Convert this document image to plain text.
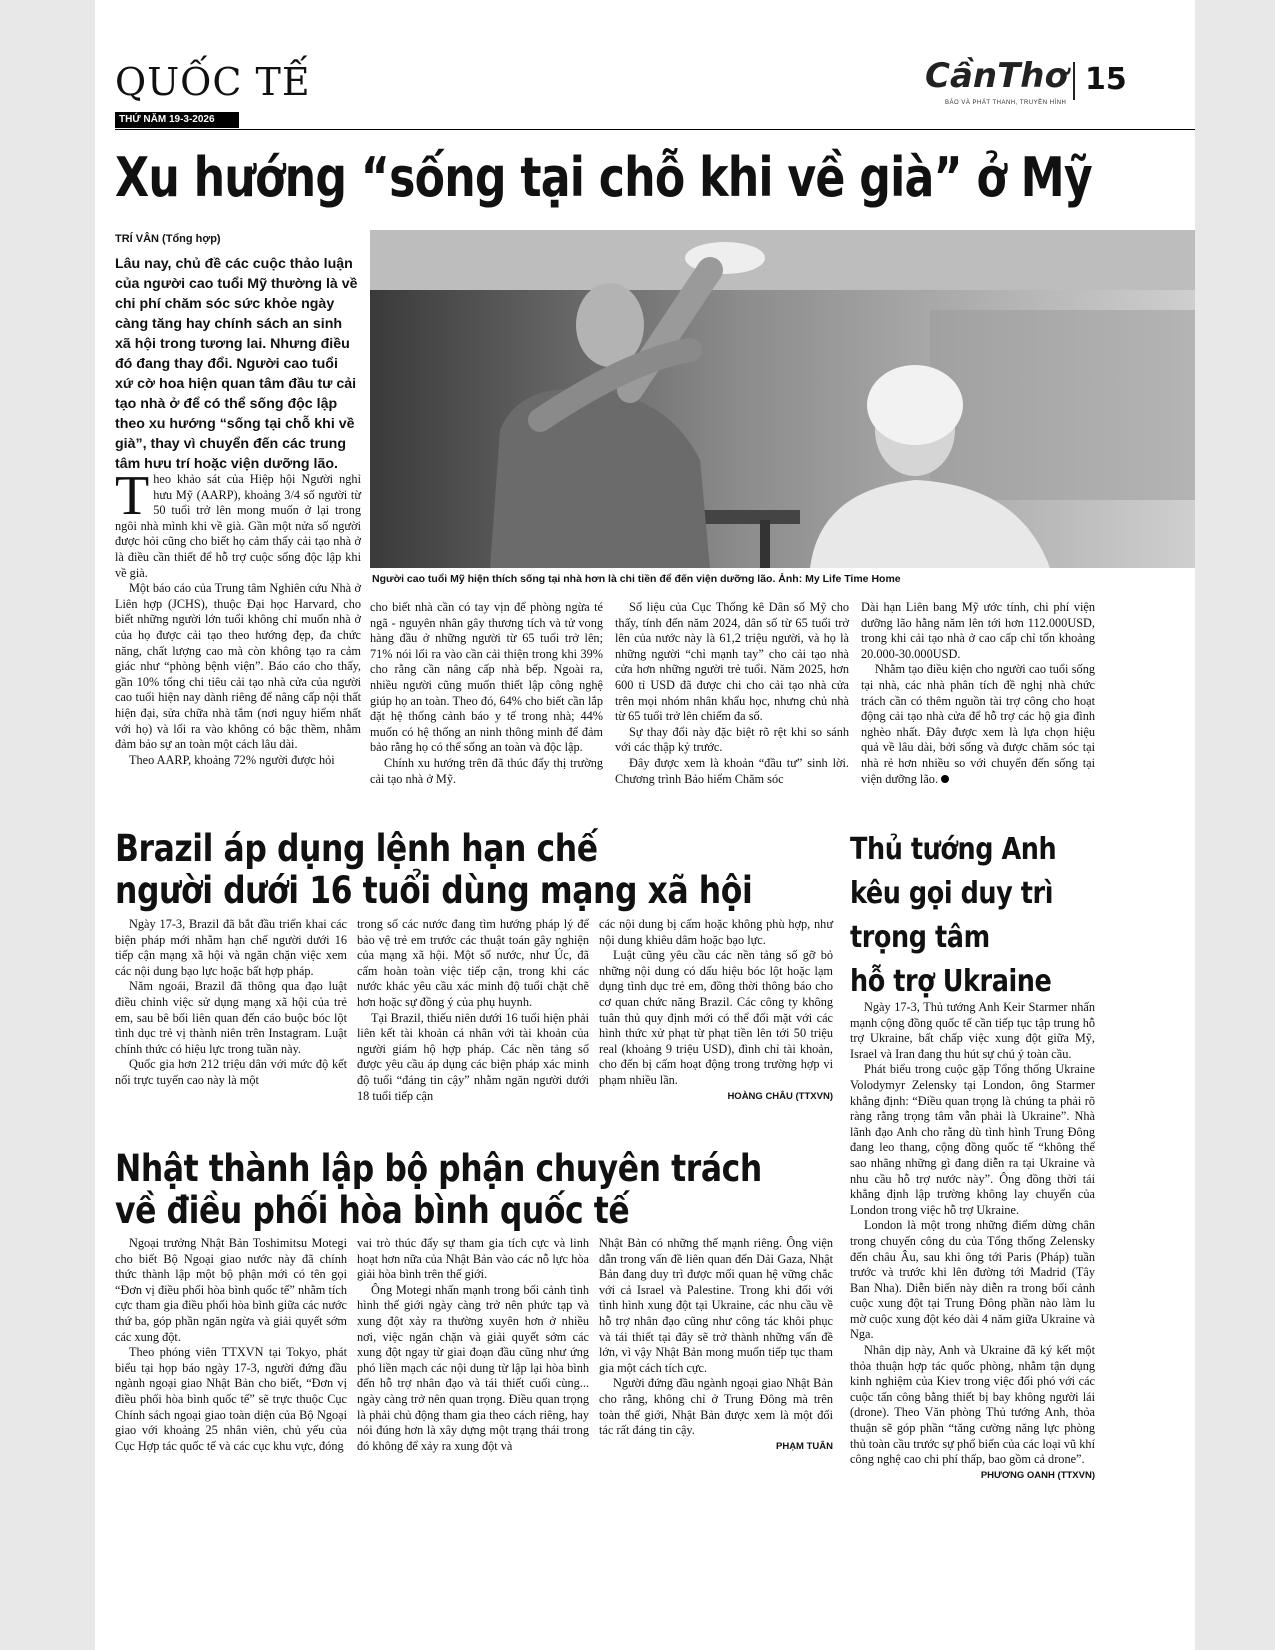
QUỐC TẾ
THỨ NĂM 19-3-2026
CầnThơ
BÁO VÀ PHÁT THANH, TRUYỀN HÌNH
15
Xu hướng “sống tại chỗ khi về già” ở Mỹ
TRÍ VÂN (Tổng hợp)
Lâu nay, chủ đề các cuộc thảo luận của người cao tuổi Mỹ thường là về chi phí chăm sóc sức khỏe ngày càng tăng hay chính sách an sinh xã hội trong tương lai. Nhưng điều đó đang thay đổi. Người cao tuổi xứ cờ hoa hiện quan tâm đầu tư cải tạo nhà ở để có thể sống độc lập theo xu hướng “sống tại chỗ khi về già”, thay vì chuyển đến các trung tâm hưu trí hoặc viện dưỡng lão.
Người cao tuổi Mỹ hiện thích sống tại nhà hơn là chi tiền để đến viện dưỡng lão. Ảnh: My Life Time Home

Theo khảo sát của Hiệp hội Người nghỉ hưu Mỹ (AARP), khoảng 3/4 số người từ 50 tuổi trở lên mong muốn ở lại trong ngôi nhà mình khi về già. Gần một nửa số người được hỏi cũng cho biết họ cảm thấy cải tạo nhà ở là điều cần thiết để hỗ trợ cuộc sống độc lập khi về già.

Một báo cáo của Trung tâm Nghiên cứu Nhà ở Liên hợp (JCHS), thuộc Đại học Harvard, cho biết những người lớn tuổi không chỉ muốn nhà ở của họ được cải tạo theo hướng đẹp, đa chức năng, chất lượng cao mà còn không tạo ra cảm giác như “phòng bệnh viện”. Báo cáo cho thấy, gần 10% tổng chi tiêu cải tạo nhà cửa của người cao tuổi hiện nay dành riêng để nâng cấp nội thất hiện đại, sửa chữa nhà tắm (nơi nguy hiểm nhất với họ) và lối ra vào không có bậc thềm, nhằm đảm bảo sự an toàn một cách lâu dài.

Theo AARP, khoảng 72% người được hỏi

cho biết nhà cần có tay vịn để phòng ngừa té ngã - nguyên nhân gây thương tích và tử vong hàng đầu ở những người từ 65 tuổi trở lên; 71% nói lối ra vào cần cải thiện trong khi 39% cho rằng cần nâng cấp nhà bếp. Ngoài ra, nhiều người cũng muốn thiết lập công nghệ giúp họ an toàn. Theo đó, 64% cho biết cần lắp đặt hệ thống cảnh báo y tế trong nhà; 44% muốn có hệ thống an ninh thông minh để đảm bảo rằng họ có thể sống an toàn và độc lập.

Chính xu hướng trên đã thúc đẩy thị trường cải tạo nhà ở Mỹ.

Số liệu của Cục Thống kê Dân số Mỹ cho thấy, tính đến năm 2024, dân số từ 65 tuổi trở lên của nước này là 61,2 triệu người, và họ là những người “chỉ mạnh tay” cho cải tạo nhà cửa hơn những người trẻ tuổi. Năm 2025, hơn 600 tỉ USD đã được chi cho cải tạo nhà cửa trên mọi nhóm nhân khẩu học, nhưng chủ nhà từ 65 tuổi trở lên chiếm đa số.

Sự thay đổi này đặc biệt rõ rệt khi so sánh với các thập kỷ trước.

Đây được xem là khoản “đầu tư” sinh lời. Chương trình Bảo hiểm Chăm sóc

Dài hạn Liên bang Mỹ ước tính, chi phí viện dưỡng lão hằng năm lên tới hơn 112.000USD, trong khi cải tạo nhà ở cao cấp chỉ tốn khoảng 20.000-30.000USD.

Nhằm tạo điều kiện cho người cao tuổi sống tại nhà, các nhà phân tích đề nghị nhà chức trách cần có thêm nguồn tài trợ công cho hoạt động cải tạo nhà cửa để hỗ trợ các hộ gia đình nghèo nhất. Đây được xem là lựa chọn hiệu quả về lâu dài, bởi sống và được chăm sóc tại nhà rẻ hơn nhiều so với chuyển đến sống tại viện dưỡng lão.

Brazil áp dụng lệnh hạn chế
người dưới 16 tuổi dùng mạng xã hội

Ngày 17-3, Brazil đã bắt đầu triển khai các biện pháp mới nhằm hạn chế người dưới 16 tiếp cận mạng xã hội và ngăn chặn việc xem các nội dung bạo lực hoặc bất hợp pháp.

Năm ngoái, Brazil đã thông qua đạo luật điều chỉnh việc sử dụng mạng xã hội của trẻ em, sau bê bối liên quan đến cáo buộc bóc lột tình dục trẻ vị thành niên trên Instagram. Luật chính thức có hiệu lực trong tuần này.

Quốc gia hơn 212 triệu dân với mức độ kết nối trực tuyến cao này là một

trong số các nước đang tìm hướng pháp lý để bảo vệ trẻ em trước các thuật toán gây nghiện của mạng xã hội. Một số nước, như Úc, đã cấm hoàn toàn việc tiếp cận, trong khi các nước khác yêu cầu xác minh độ tuổi chặt chẽ hơn hoặc sự đồng ý của phụ huynh.

Tại Brazil, thiếu niên dưới 16 tuổi hiện phải liên kết tài khoản cá nhân với tài khoản của người giám hộ hợp pháp. Các nền tảng số được yêu cầu áp dụng các biện pháp xác minh độ tuổi “đáng tin cậy” nhằm ngăn người dưới 18 tuổi tiếp cận

các nội dung bị cấm hoặc không phù hợp, như nội dung khiêu dâm hoặc bạo lực.

Luật cũng yêu cầu các nền tảng số gỡ bỏ những nội dung có dấu hiệu bóc lột hoặc lạm dụng tình dục trẻ em, đồng thời thông báo cho cơ quan chức năng Brazil. Các công ty không tuân thủ quy định mới có thể đối mặt với các hình thức xử phạt từ phạt tiền lên tới 50 triệu real (khoảng 9 triệu USD), đình chỉ tài khoản, cho đến bị cấm hoạt động trong trường hợp vi phạm nhiều lần.

HOÀNG CHÂU (TTXVN)
Thủ tướng Anh
kêu gọi duy trì
trọng tâm
hỗ trợ Ukraine

Ngày 17-3, Thủ tướng Anh Keir Starmer nhấn mạnh cộng đồng quốc tế cần tiếp tục tập trung hỗ trợ Ukraine, bất chấp việc xung đột giữa Mỹ, Israel và Iran đang thu hút sự chú ý toàn cầu.

Phát biểu trong cuộc gặp Tổng thống Ukraine Volodymyr Zelensky tại London, ông Starmer khẳng định: “Điều quan trọng là chúng ta phải rõ ràng rằng trọng tâm vẫn phải là Ukraine”. Nhà lãnh đạo Anh cho rằng dù tình hình Trung Đông đang leo thang, cộng đồng quốc tế “không thể sao nhãng những gì đang diễn ra tại Ukraine và nhu cầu hỗ trợ nước này”. Ông đồng thời tái khẳng định lập trường không lay chuyển của London trong việc hỗ trợ Ukraine.

London là một trong những điểm dừng chân trong chuyến công du của Tổng thống Zelensky đến châu Âu, sau khi ông tới Paris (Pháp) tuần trước và trước khi lên đường tới Madrid (Tây Ban Nha). Diễn biến này diễn ra trong bối cảnh cuộc xung đột tại Trung Đông phần nào làm lu mờ cuộc xung đột kéo dài 4 năm giữa Ukraine và Nga.

Nhân dịp này, Anh và Ukraine đã ký kết một thỏa thuận hợp tác quốc phòng, nhằm tận dụng kinh nghiệm của Kiev trong việc đối phó với các cuộc tấn công bằng thiết bị bay không người lái (drone). Theo Văn phòng Thủ tướng Anh, thỏa thuận sẽ góp phần “tăng cường năng lực phòng thủ toàn cầu trước sự phổ biến của các loại vũ khí công nghệ cao chi phí thấp, bao gồm cả drone”.

PHƯƠNG OANH (TTXVN)
Nhật thành lập bộ phận chuyên trách
về điều phối hòa bình quốc tế

Ngoại trưởng Nhật Bản Toshimitsu Motegi cho biết Bộ Ngoại giao nước này đã chính thức thành lập một bộ phận mới có tên gọi “Đơn vị điều phối hòa bình quốc tế” nhằm tích cực tham gia điều phối hòa bình giữa các nước thứ ba, góp phần ngăn ngừa và giải quyết sớm các xung đột.

Theo phóng viên TTXVN tại Tokyo, phát biểu tại họp báo ngày 17-3, người đứng đầu ngành ngoại giao Nhật Bản cho biết, “Đơn vị điều phối hòa bình quốc tế” sẽ trực thuộc Cục Chính sách ngoại giao toàn diện của Bộ Ngoại giao với khoảng 25 nhân viên, chủ yếu của Cục Hợp tác quốc tế và các cục khu vực, đóng

vai trò thúc đẩy sự tham gia tích cực và linh hoạt hơn nữa của Nhật Bản vào các nỗ lực hòa giải hòa bình trên thế giới.

Ông Motegi nhấn mạnh trong bối cảnh tình hình thế giới ngày càng trở nên phức tạp và xung đột xảy ra thường xuyên hơn ở nhiều nơi, việc ngăn chặn và giải quyết sớm các xung đột ngay từ giai đoạn đầu cũng như ứng phó liền mạch các nội dung từ lập lại hòa bình đến hỗ trợ nhân đạo và tái thiết cuối cùng... ngày càng trở nên quan trọng. Điều quan trọng là phải chủ động tham gia theo cách riêng, hay nói đúng hơn là xây dựng một trạng thái trong đó không để xảy ra xung đột và

Nhật Bản có những thế mạnh riêng. Ông viện dẫn trong vấn đề liên quan đến Dải Gaza, Nhật Bản đang duy trì được mối quan hệ vững chắc với cả Israel và Palestine. Trong khi đối với tình hình xung đột tại Ukraine, các nhu cầu về hỗ trợ nhân đạo cũng như công tác khôi phục và tái thiết tại đây sẽ trở thành những vấn đề lớn, vì vậy Nhật Bản mong muốn tiếp tục tham gia một cách tích cực.

Người đứng đầu ngành ngoại giao Nhật Bản cho rằng, không chỉ ở Trung Đông mà trên toàn thế giới, Nhật Bản được xem là một đối tác rất đáng tin cậy.

PHẠM TUÂN
